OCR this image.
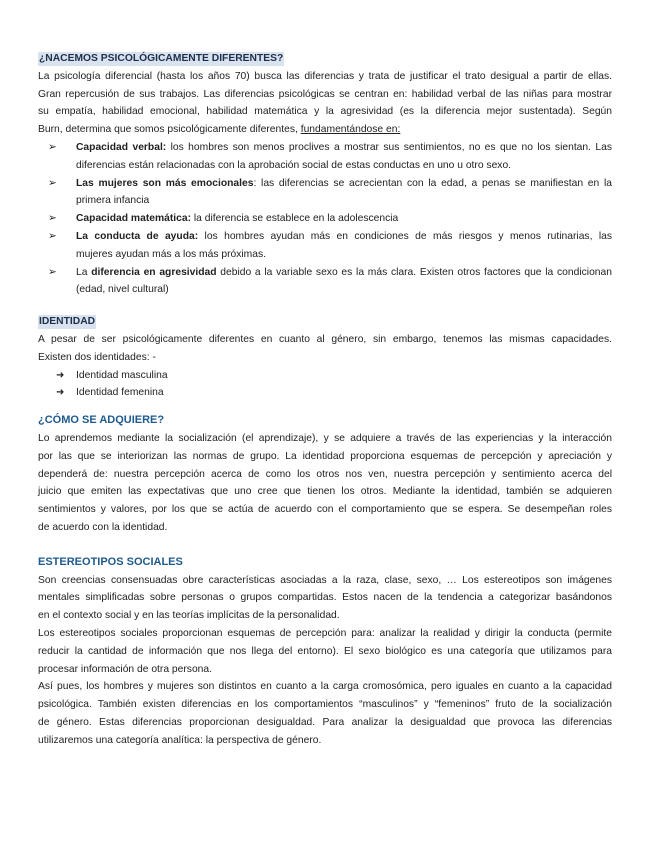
¿NACEMOS PSICOLÓGICAMENTE DIFERENTES?
La psicología diferencial (hasta los años 70) busca las diferencias y trata de justificar el trato desigual a partir de ellas.
Gran repercusión de sus trabajos. Las diferencias psicológicas se centran en: habilidad verbal de las niñas para mostrar
su empatía, habilidad emocional, habilidad matemática y la agresividad (es la diferencia mejor sustentada). Según
Burn, determina que somos psicológicamente diferentes, fundamentándose en:
➢ Capacidad verbal: los hombres son menos proclives a mostrar sus sentimientos, no es que no los sientan. Las
diferencias están relacionadas con la aprobación social de estas conductas en uno u otro sexo.
➢ Las mujeres son más emocionales: las diferencias se acrecientan con la edad, a penas se manifiestan en la
primera infancia
➢ Capacidad matemática: la diferencia se establece en la adolescencia
➢ La conducta de ayuda: los hombres ayudan más en condiciones de más riesgos y menos rutinarias, las
mujeres ayudan más a los más próximas.
➢ La diferencia en agresividad debido a la variable sexo es la más clara. Existen otros factores que la condicionan
(edad, nivel cultural)
IDENTIDAD
A pesar de ser psicológicamente diferentes en cuanto al género, sin embargo, tenemos las mismas capacidades.
Existen dos identidades: -
➜ Identidad masculina
➜ Identidad femenina
¿CÓMO SE ADQUIERE?
Lo aprendemos mediante la socialización (el aprendizaje), y se adquiere a través de las experiencias y la interacción
por las que se interiorizan las normas de grupo. La identidad proporciona esquemas de percepción y apreciación y
dependerá de: nuestra percepción acerca de como los otros nos ven, nuestra percepción y sentimiento acerca del
juicio que emiten las expectativas que uno cree que tienen los otros. Mediante la identidad, también se adquieren
sentimientos y valores, por los que se actúa de acuerdo con el comportamiento que se espera. Se desempeñan roles
de acuerdo con la identidad.
ESTEREOTIPOS SOCIALES
Son creencias consensuadas obre características asociadas a la raza, clase, sexo, … Los estereotipos son imágenes
mentales simplificadas sobre personas o grupos compartidas. Estos nacen de la tendencia a categorizar basándonos
en el contexto social y en las teorías implícitas de la personalidad.
Los estereotipos sociales proporcionan esquemas de percepción para: analizar la realidad y dirigir la conducta (permite
reducir la cantidad de información que nos llega del entorno). El sexo biológico es una categoría que utilizamos para
procesar información de otra persona.
Así pues, los hombres y mujeres son distintos en cuanto a la carga cromosómica, pero iguales en cuanto a la capacidad
psicológica. También existen diferencias en los comportamientos “masculinos” y “femeninos” fruto de la socialización
de género. Estas diferencias proporcionan desigualdad. Para analizar la desigualdad que provoca las diferencias
utilizaremos una categoría analítica: la perspectiva de género.
